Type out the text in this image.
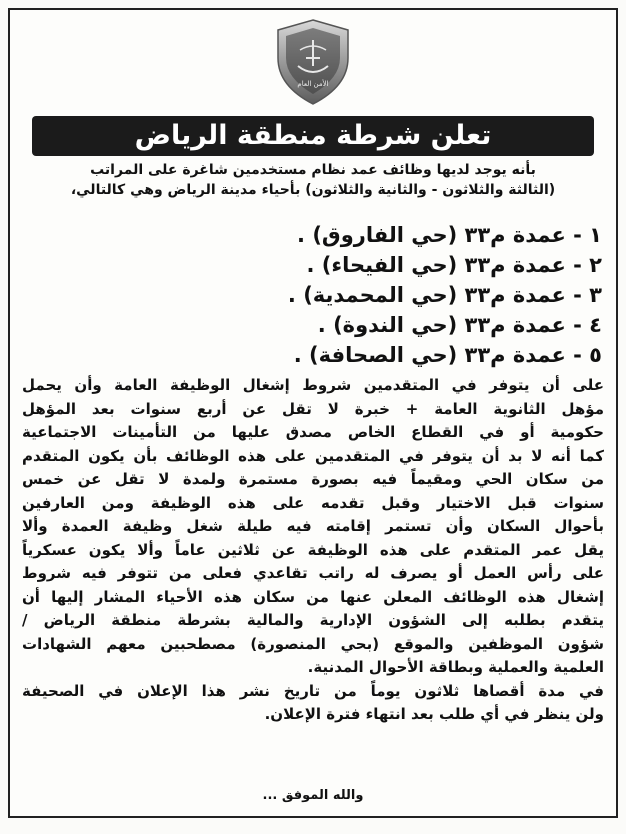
الأمن العام
تعلن شرطة منطقة الرياض
بأنه يوجد لديها وظائف عمد نظام مستخدمين شاغرة على المراتب
(الثالثة والثلاثون - والثانية والثلاثون) بأحياء مدينة الرياض وهي كالتالي،
١ - عمدة م٣٣ (حي الفاروق) .
٢ - عمدة م٣٣ (حي الفيحاء) .
٣ - عمدة م٣٣ (حي المحمدية) .
٤ - عمدة م٣٣ (حي الندوة) .
٥ - عمدة م٣٣ (حي الصحافة) .
على أن يتوفر في المتقدمين شروط إشغال الوظيفة العامة وأن يحمل
مؤهل الثانوية العامة + خبرة لا تقل عن أربع سنوات بعد المؤهل
حكومية أو في القطاع الخاص مصدق عليها من التأمينات الاجتماعية
كما أنه لا بد أن يتوفر في المتقدمين على هذه الوظائف بأن يكون المتقدم
من سكان الحي ومقيماً فيه بصورة مستمرة ولمدة لا تقل عن خمس
سنوات قبل الاختيار وقبل تقدمه على هذه الوظيفة ومن العارفين
بأحوال السكان وأن تستمر إقامته فيه طيلة شغل وظيفة العمدة وألا
يقل عمر المتقدم على هذه الوظيفة عن ثلاثين عاماً وألا يكون عسكرياً
على رأس العمل أو يصرف له راتب تقاعدي فعلى من تتوفر فيه شروط
إشغال هذه الوظائف المعلن عنها من سكان هذه الأحياء المشار إليها أن
يتقدم بطلبه إلى الشؤون الإدارية والمالية بشرطة منطقة الرياض /
شؤون الموظفين والموقع (بحي المنصورة) مصطحبين معهم الشهادات
العلمية والعملية وبطاقة الأحوال المدنية.
في مدة أقصاها ثلاثون يوماً من تاريخ نشر هذا الإعلان في الصحيفة
ولن ينظر في أي طلب بعد انتهاء فترة الإعلان.
والله الموفق ...
